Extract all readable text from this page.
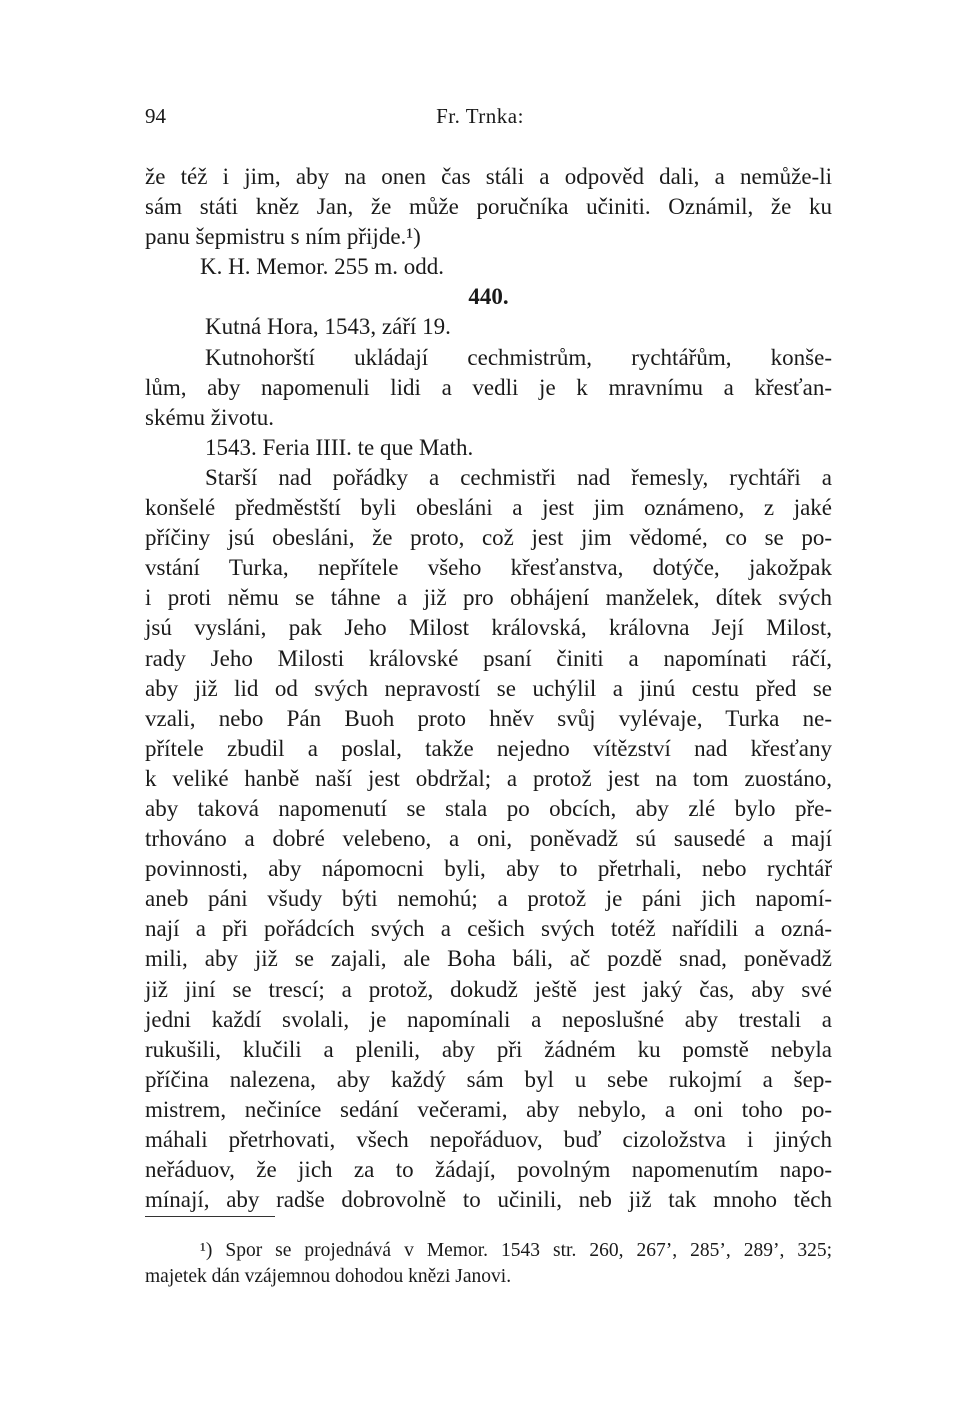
94	Fr. Trnka:
že též i jim, aby na onen čas stáli a odpověd dali, a nemůže-li
sám státi kněz Jan, že může poručníka učiniti. Oznámil, že ku
panu šepmistru s ním přijde.¹)
K. H. Memor. 255 m. odd.
440.
Kutná Hora, 1543, září 19.
Kutnohorští ukládají cechmistrům, rychtářům, konše-
lům, aby napomenuli lidi a vedli je k mravnímu a křesťan-
skému životu.
1543. Feria IIII. te que Math.
Starší nad pořádky a cechmistři nad řemesly, rychtáři a
konšelé předměstští byli obesláni a jest jim oznámeno, z jaké
příčiny jsú obesláni, že proto, což jest jim vědomé, co se po-
vstání Turka, nepřítele všeho křesťanstva, dotýče, jakožpak
i proti němu se táhne a již pro obhájení manželek, dítek svých
jsú vysláni, pak Jeho Milost královská, královna Její Milost,
rady Jeho Milosti královské psaní činiti a napomínati ráčí,
aby již lid od svých nepravostí se uchýlil a jinú cestu před se
vzali, nebo Pán Buoh proto hněv svůj vylévaje, Turka ne-
přítele zbudil a poslal, takže nejedno vítězství nad křesťany
k veliké hanbě naší jest obdržal; a protož jest na tom zuostáno,
aby taková napomenutí se stala po obcích, aby zlé bylo pře-
trhováno a dobré velebeno, a oni, poněvadž sú sausedé a mají
povinnosti, aby nápomocni byli, aby to přetrhali, nebo rychtář
aneb páni všudy býti nemohú; a protož je páni jich napomí-
nají a při pořádcích svých a cešich svých totéž nařídili a ozná-
mili, aby již se zajali, ale Boha báli, ač pozdě snad, poněvadž
již jiní se trescí; a protož, dokudž ještě jest jaký čas, aby své
jedni každí svolali, je napomínali a neposlušné aby trestali a
rukušili, klučili a plenili, aby při žádném ku pomstě nebyla
příčina nalezena, aby každý sám byl u sebe rukojmí a šep-
mistrem, nečiníce sedání večerami, aby nebylo, a oni toho po-
máhali přetrhovati, všech nepořáduov, buď cizoložstva i jiných
neřáduov, že jich za to žádají, povolným napomenutím napo-
mínají, aby radše dobrovolně to učinili, neb již tak mnoho těch
¹) Spor se projednává v Memor. 1543 str. 260, 267’, 285’, 289’, 325;
majetek dán vzájemnou dohodou knězi Janovi.
